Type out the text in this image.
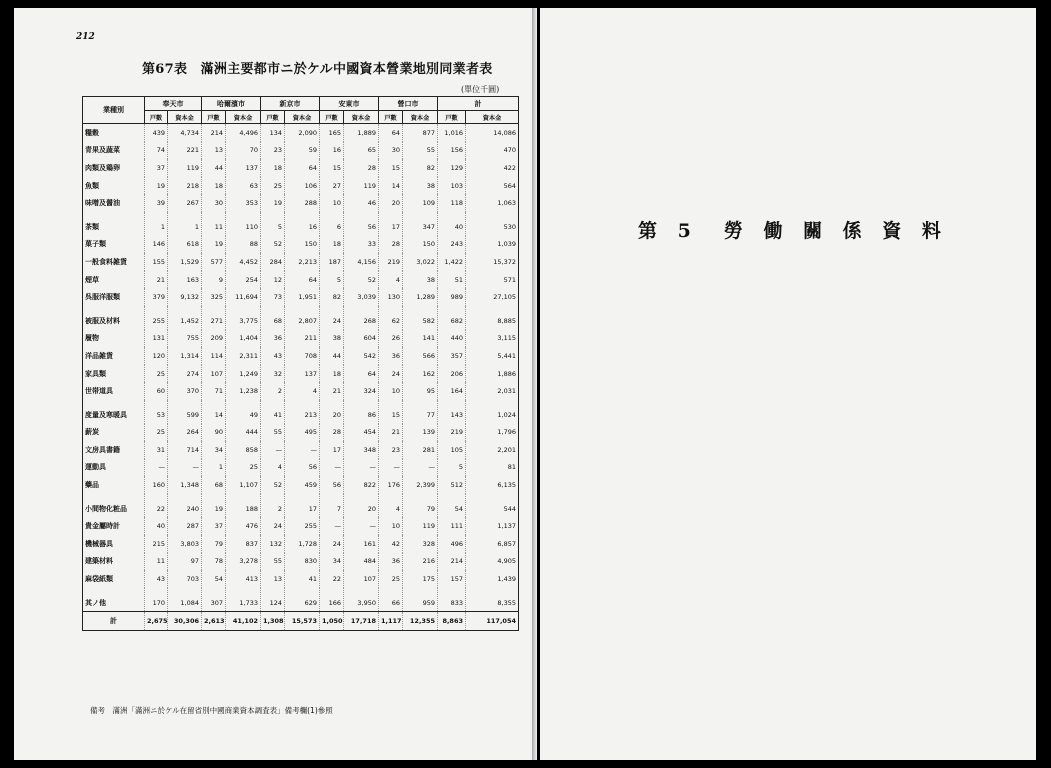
212
第67表　滿洲主要都市ニ於ケル中國資本營業地別同業者表
(單位千圓)
業種別	奉天市		哈爾濱市		新京市		安東市		營口市		計	
	戸數	資本金	戸數	資本金	戸數	資本金	戸數	資本金	戸數	資本金	戸數	資本金
糧穀	439	4,734	214	4,496	134	2,090	165	1,889	64	877	1,016	14,086
青果及蔬菜	74	221	13	70	23	59	16	65	30	55	156	470
肉類及鶏卵	37	119	44	137	18	64	15	28	15	82	129	422
魚類	19	218	18	63	25	106	27	119	14	38	103	564
味噌及醤油	39	267	30	353	19	288	10	46	20	109	118	1,063
茶類	1	1	11	110	5	16	6	56	17	347	40	530
菓子類	146	618	19	88	52	150	18	33	28	150	243	1,039
一般食料雑貨	155	1,529	577	4,452	284	2,213	187	4,156	219	3,022	1,422	15,372
煙草	21	163	9	254	12	64	5	52	4	38	51	571
呉服洋服類	379	9,132	325	11,694	73	1,951	82	3,039	130	1,289	989	27,105
被服及材料	255	1,452	271	3,775	68	2,807	24	268	62	582	682	8,885
履物	131	755	209	1,404	36	211	38	604	26	141	440	3,115
洋品雑貨	120	1,314	114	2,311	43	708	44	542	36	566	357	5,441
家具類	25	274	107	1,249	32	137	18	64	24	162	206	1,886
世帯道具	60	370	71	1,238	2	4	21	324	10	95	164	2,031
度量及寒暖具	53	599	14	49	41	213	20	86	15	77	143	1,024
薪炭	25	264	90	444	55	495	28	454	21	139	219	1,796
文房具書籍	31	714	34	858	—	—	17	348	23	281	105	2,201
運動具	—	—	1	25	4	56	—	—	—	—	5	81
藥品	160	1,348	68	1,107	52	459	56	822	176	2,399	512	6,135
小間物化粧品	22	240	19	188	2	17	7	20	4	79	54	544
貴金屬時計	40	287	37	476	24	255	—	—	10	119	111	1,137
機械器具	215	3,803	79	837	132	1,728	24	161	42	328	496	6,857
建築材料	11	97	78	3,278	55	830	34	484	36	216	214	4,905
麻袋紙類	43	703	54	413	13	41	22	107	25	175	157	1,439
其ノ他	170	1,084	307	1,733	124	629	166	3,950	66	959	833	8,355
計	2,675	30,306	2,613	41,102	1,308	15,573	1,050	17,718	1,117	12,355	8,863	117,054
備考　滿洲「滿洲ニ於ケル在留省別中國商業資本調査表」備考欄(1)參照
第 5　勞 働 關 係 資 料
